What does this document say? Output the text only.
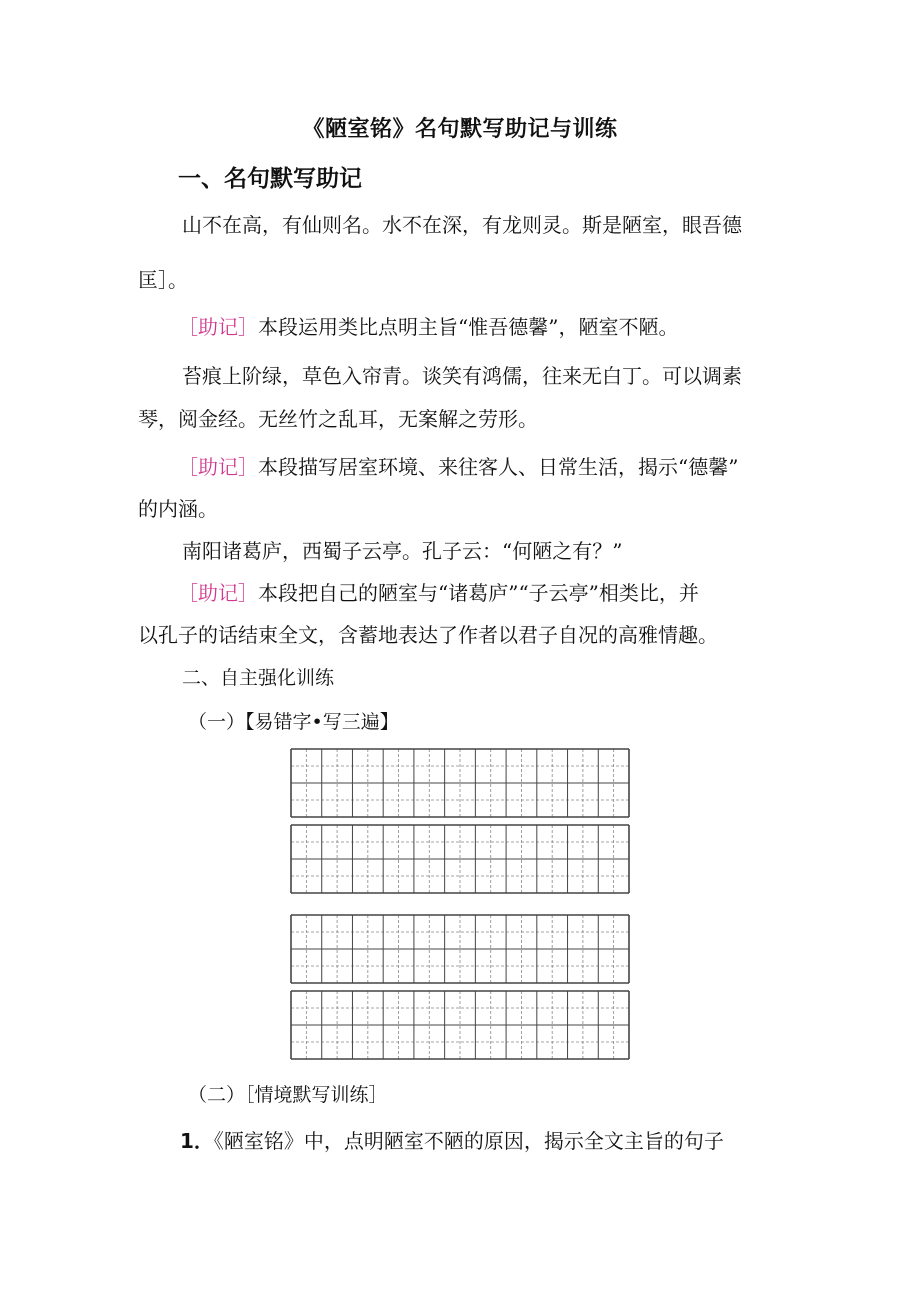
《陋室铭》名句默写助记与训练
一、名句默写助记
山不在高，有仙则名。水不在深，有龙则灵。斯是陋室，眼吾德
匡］。
［助记］本段运用类比点明主旨“惟吾德馨”，陋室不陋。
苔痕上阶绿，草色入帘青。谈笑有鸿儒，往来无白丁。可以调素
琴，阅金经。无丝竹之乱耳，无案解之劳形。
［助记］本段描写居室环境、来往客人、日常生活，揭示“德馨”
的内涵。
南阳诸葛庐，西蜀子云亭。孔子云：“何陋之有？”
［助记］本段把自己的陋室与“诸葛庐”“子云亭”相类比，并
以孔子的话结束全文，含蓄地表达了作者以君子自况的高雅情趣。
二、自主强化训练
（一）【易错字•写三遍】
（二）［情境默写训练］
1．《陋室铭》中，点明陋室不陋的原因，揭示全文主旨的句子
